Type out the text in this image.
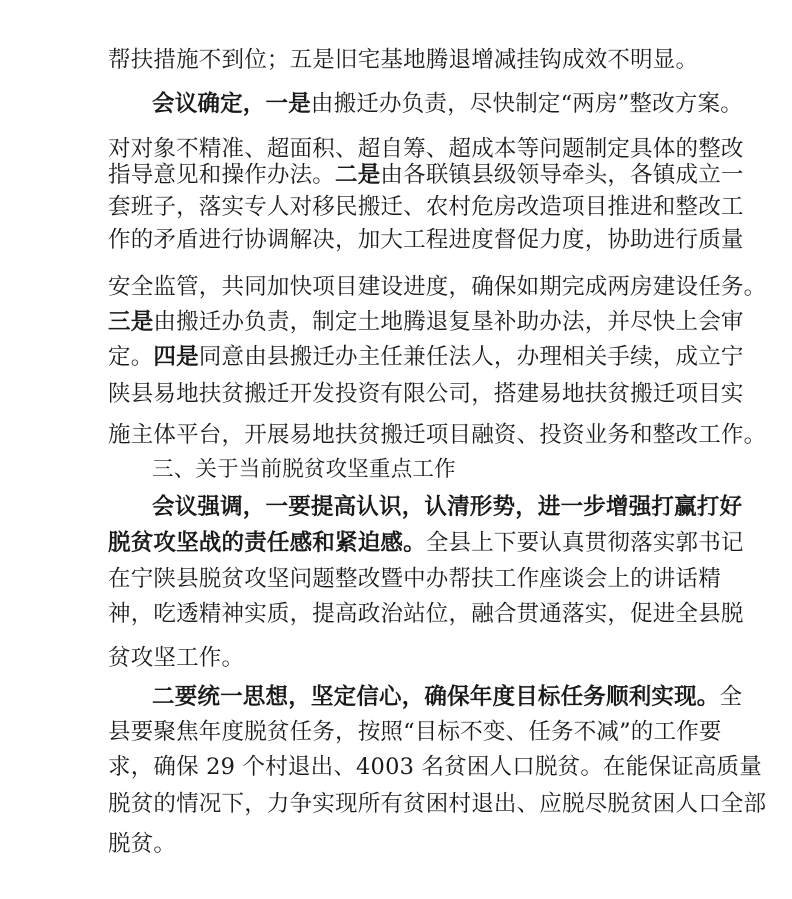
帮扶措施不到位；五是旧宅基地腾退增减挂钩成效不明显。
会议确定，一是由搬迁办负责，尽快制定“两房”整改方案。
对对象不精准、超面积、超自筹、超成本等问题制定具体的整改
指导意见和操作办法。二是由各联镇县级领导牵头，各镇成立一
套班子，落实专人对移民搬迁、农村危房改造项目推进和整改工
作的矛盾进行协调解决，加大工程进度督促力度，协助进行质量
安全监管，共同加快项目建设进度，确保如期完成两房建设任务。
三是由搬迁办负责，制定土地腾退复垦补助办法，并尽快上会审
定。四是同意由县搬迁办主任兼任法人，办理相关手续，成立宁
陕县易地扶贫搬迁开发投资有限公司，搭建易地扶贫搬迁项目实
施主体平台，开展易地扶贫搬迁项目融资、投资业务和整改工作。
三、关于当前脱贫攻坚重点工作
会议强调，一要提高认识，认清形势，进一步增强打赢打好
脱贫攻坚战的责任感和紧迫感。全县上下要认真贯彻落实郭书记
在宁陕县脱贫攻坚问题整改暨中办帮扶工作座谈会上的讲话精
神，吃透精神实质，提高政治站位，融合贯通落实，促进全县脱
贫攻坚工作。
二要统一思想，坚定信心，确保年度目标任务顺利实现。全
县要聚焦年度脱贫任务，按照“目标不变、任务不减”的工作要
求，确保 29 个村退出、4003 名贫困人口脱贫。在能保证高质量
脱贫的情况下，力争实现所有贫困村退出、应脱尽脱贫困人口全部
脱贫。
